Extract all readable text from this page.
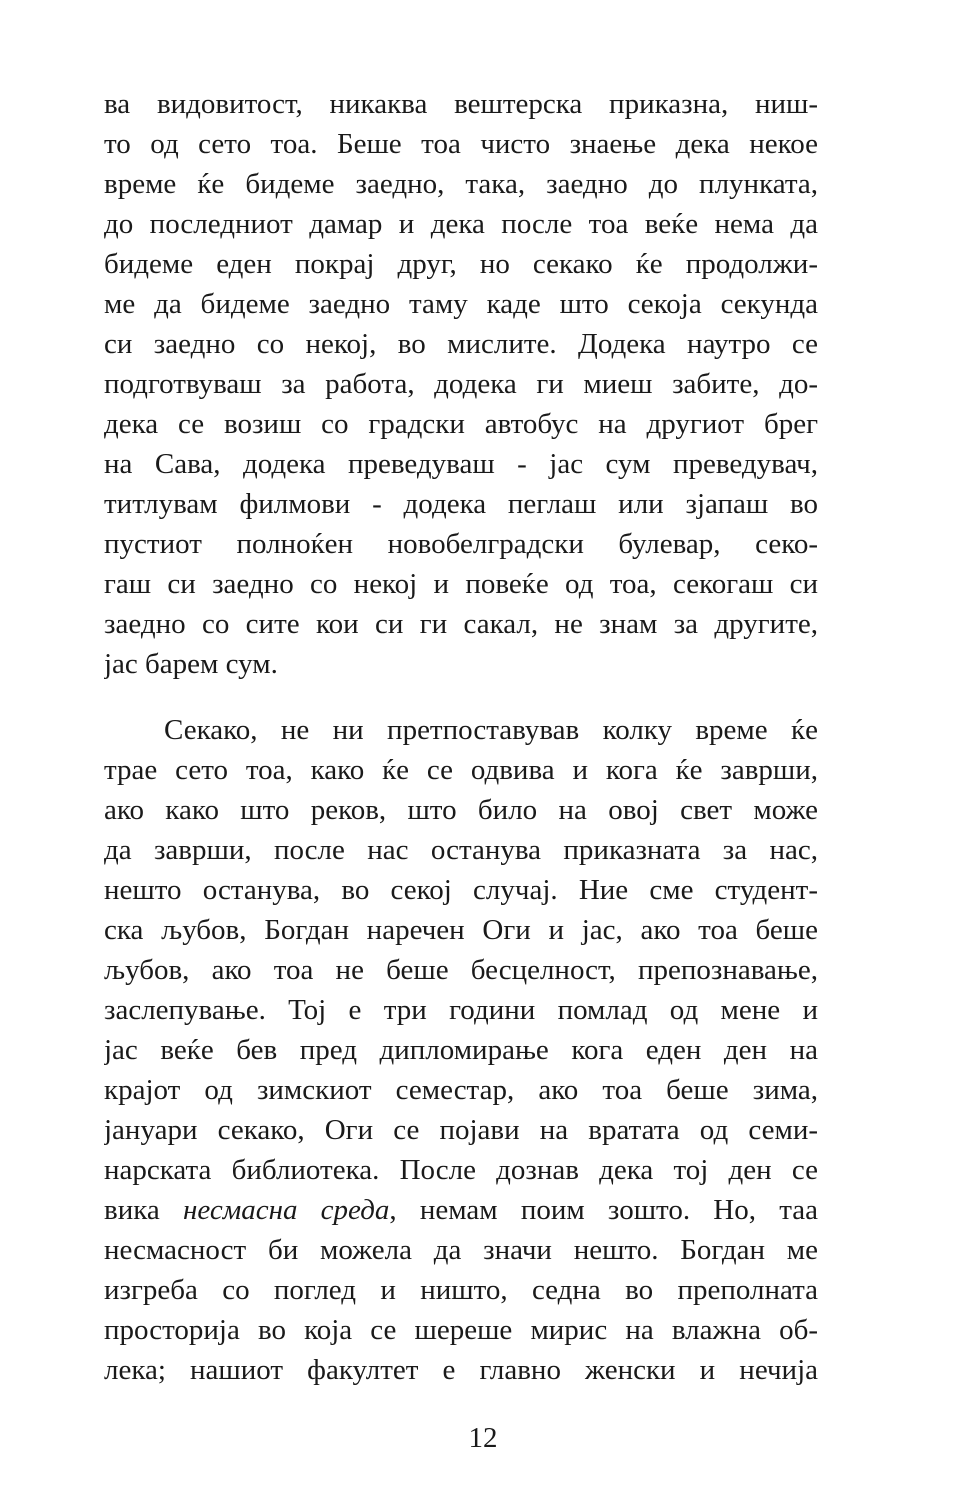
ва видовитост, никаква вештерска приказна, ниш-
то од сето тоа. Беше тоа чисто знаење дека некое
време ќе бидеме заедно, така, заедно до плунката,
до последниот дамар и дека после тоа веќе нема да
бидеме еден покрај друг, но секако ќе продолжи-
ме да бидеме заедно таму каде што секоја секунда
си заедно со некој, во мислите. Додека наутро се
подготвуваш за работа, додека ги миеш забите, до-
дека се возиш со градски автобус на другиот брег
на Сава, додека преведуваш - јас сум преведувач,
титлувам филмови - додека пеглаш или зјапаш во
пустиот полноќен новобелградски булевар, секо-
гаш си заедно со некој и повеќе од тоа, секогаш си
заедно со сите кои си ги сакал, не знам за другите,
јас барем сум.
Секако, не ни претпоставував колку време ќе
трае сето тоа, како ќе се одвива и кога ќе заврши,
ако како што реков, што било на овој свет може
да заврши, после нас останува приказната за нас,
нешто останува, во секој случај. Ние сме студент-
ска љубов, Богдан наречен Оги и јас, ако тоа беше
љубов, ако тоа не беше бесцелност, препознавање,
заслепување. Тој е три години помлад од мене и
јас веќе бев пред дипломирање кога еден ден на
крајот од зимскиот семестар, ако тоа беше зима,
јануари секако, Оги се појави на вратата од семи-
нарската библиотека. После дознав дека тој ден се
вика несмасна среда, немам поим зошто. Но, таа
несмасност би можела да значи нешто. Богдан ме
изгреба со поглед и ништо, седна во преполната
просторија во која се шереше мирис на влажна об-
лека; нашиот факултет е главно женски и нечија
12
